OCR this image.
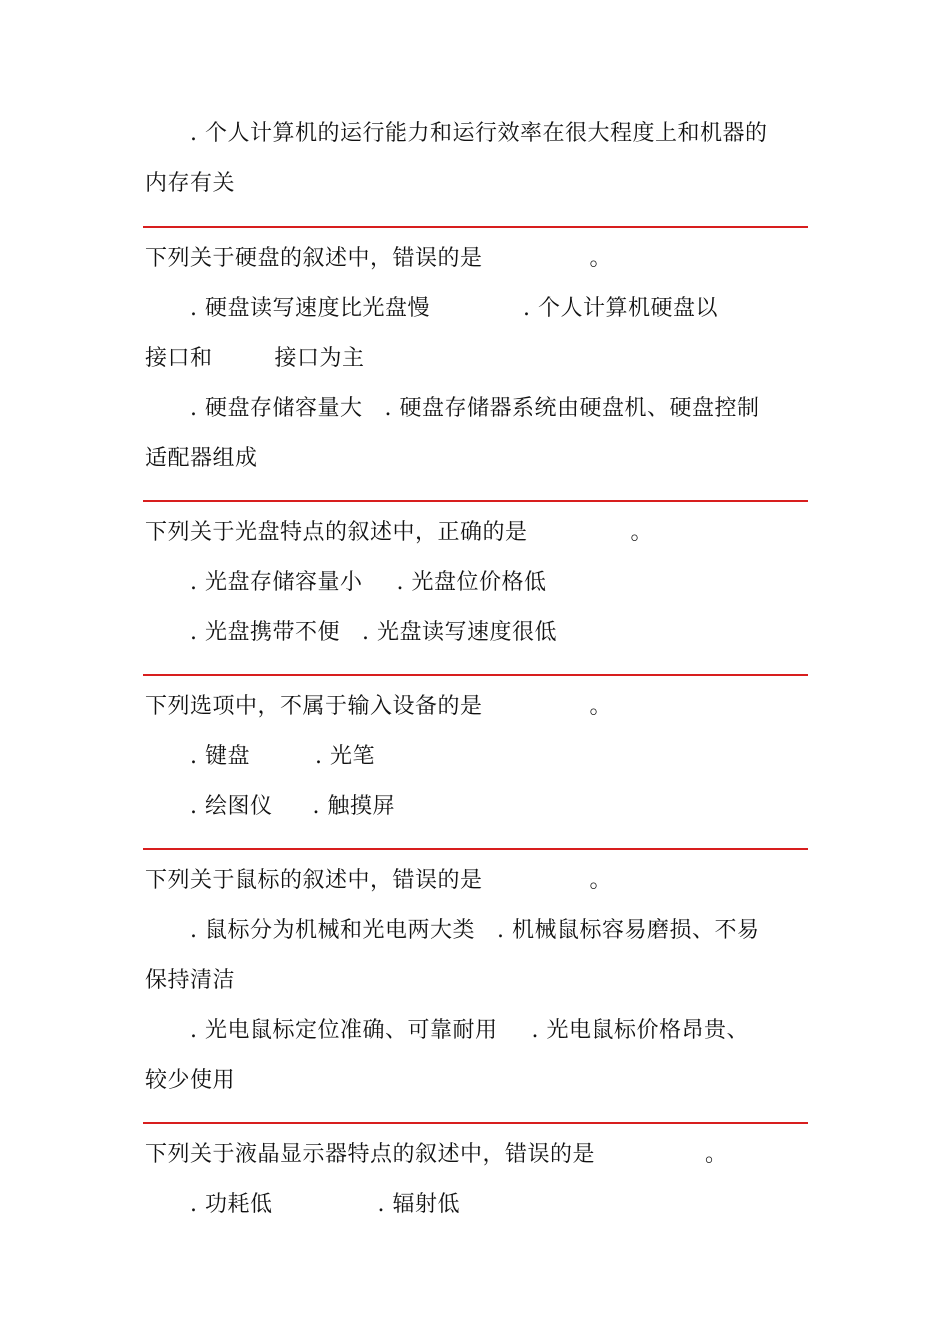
. 个人计算机的运行能力和运行效率在很大程度上和机器的
内存有关
下列关于硬盘的叙述中，错误的是	。
. 硬盘读写速度比光盘慢	. 个人计算机硬盘以
接口和	接口为主
. 硬盘存储容量大 . 硬盘存储器系统由硬盘机、硬盘控制
适配器组成
下列关于光盘特点的叙述中，正确的是	。
. 光盘存储容量小 . 光盘位价格低
. 光盘携带不便 . 光盘读写速度很低
下列选项中，不属于输入设备的是	。
. 键盘	. 光笔
. 绘图仪 . 触摸屏
下列关于鼠标的叙述中，错误的是	。
. 鼠标分为机械和光电两大类 . 机械鼠标容易磨损、不易
保持清洁
. 光电鼠标定位准确、可靠耐用 . 光电鼠标价格昂贵、
较少使用
下列关于液晶显示器特点的叙述中，错误的是	。
. 功耗低	. 辐射低
